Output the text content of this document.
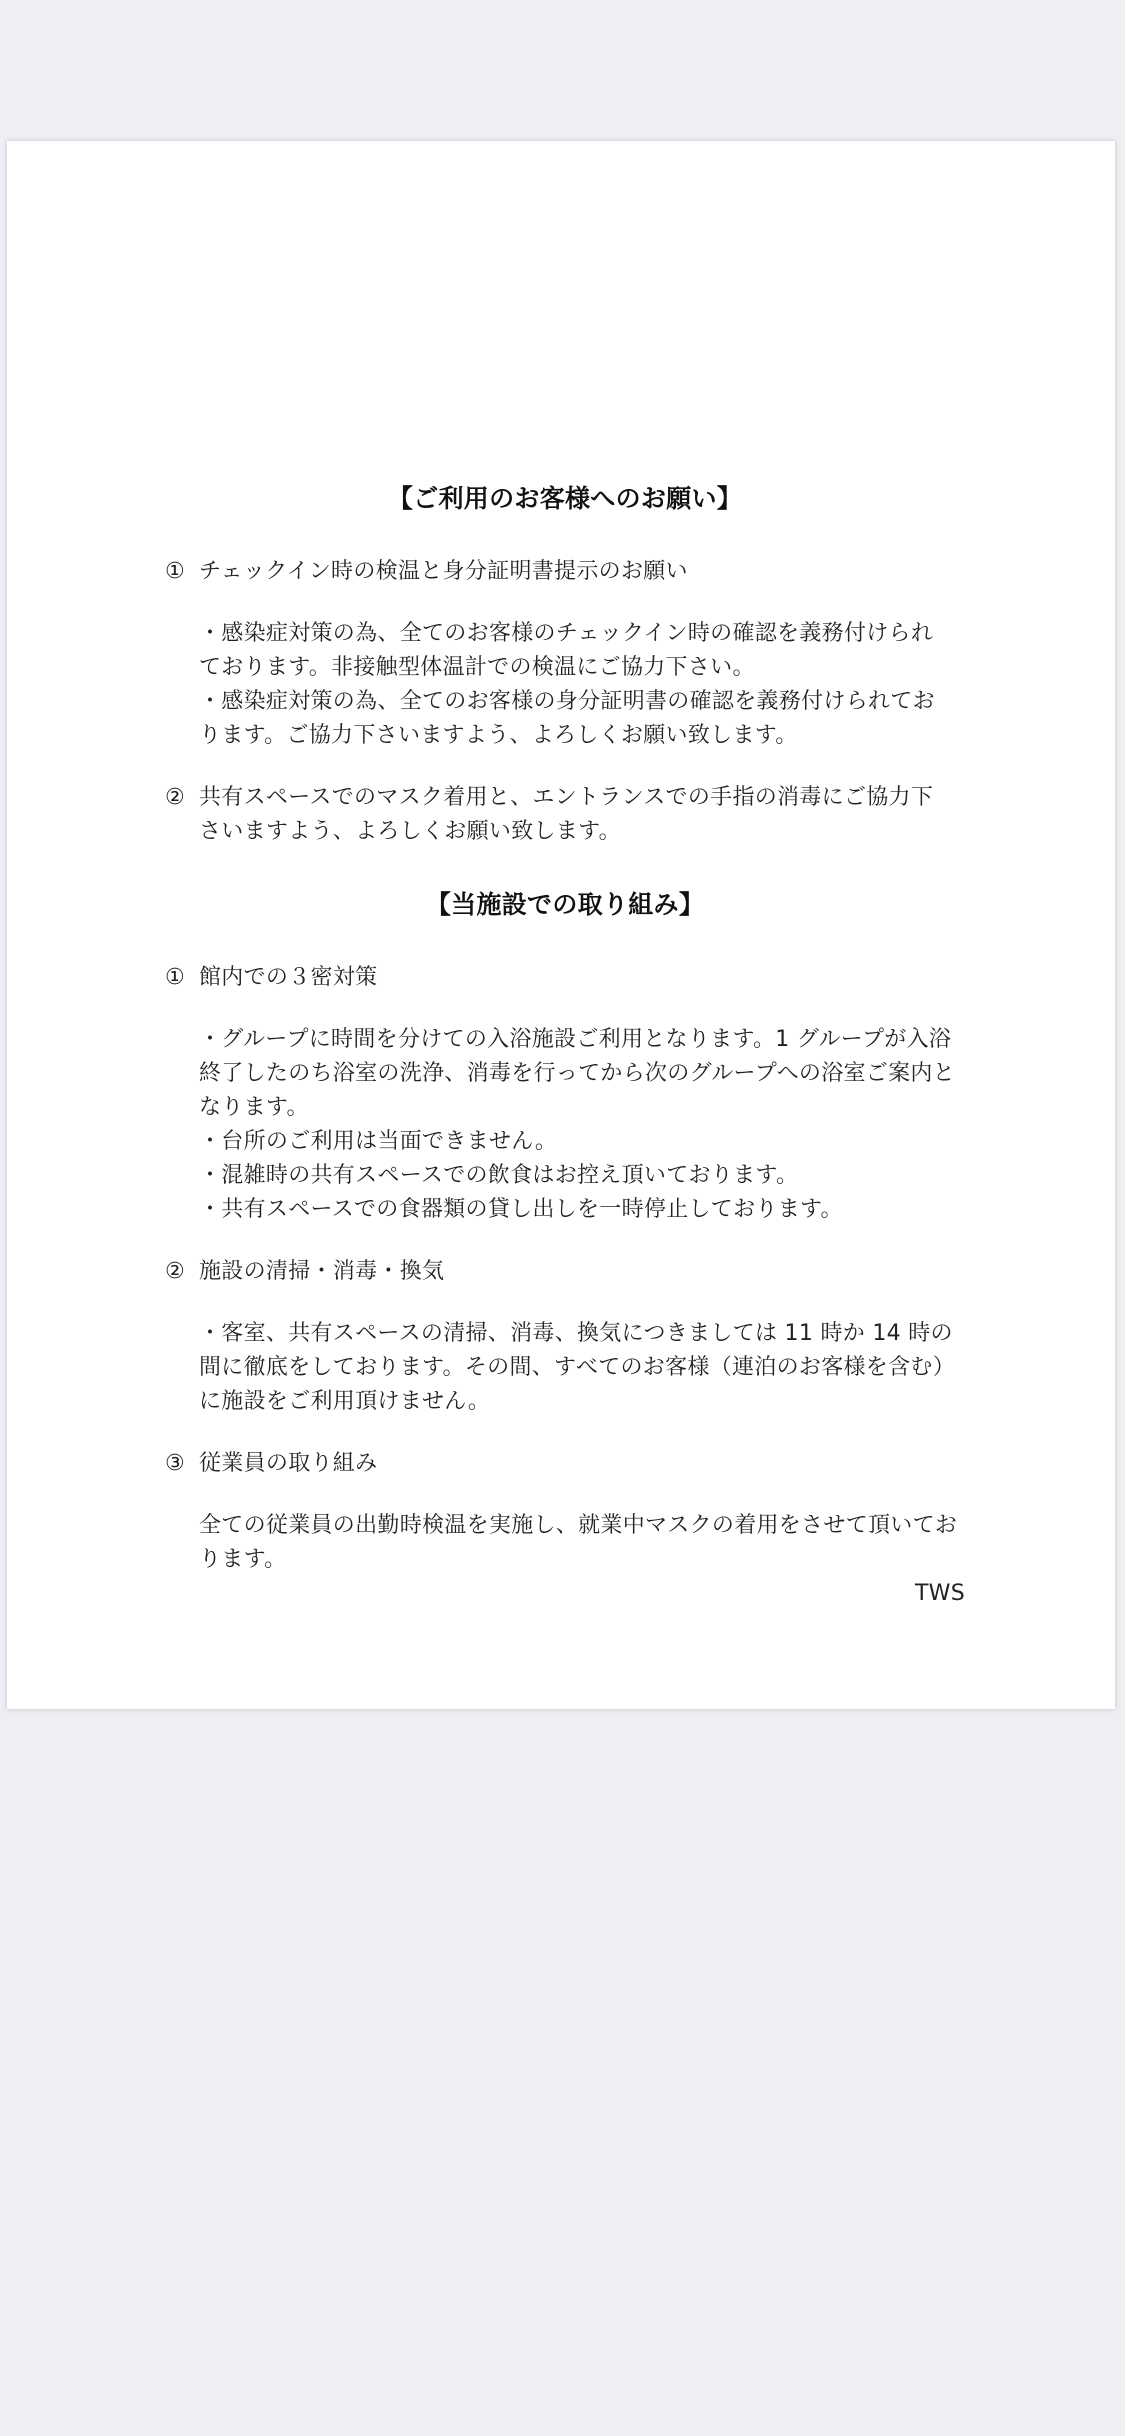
【ご利用のお客様へのお願い】

① チェックイン時の検温と身分証明書提示のお願い
・感染症対策の為、全てのお客様のチェックイン時の確認を義務付けられ
ております。非接触型体温計での検温にご協力下さい。
・感染症対策の為、全てのお客様の身分証明書の確認を義務付けられてお
ります。ご協力下さいますよう、よろしくお願い致します。
② 共有スペースでのマスク着用と、エントランスでの手指の消毒にご協力下
さいますよう、よろしくお願い致します。

【当施設での取り組み】

① 館内での３密対策
・グループに時間を分けての入浴施設ご利用となります。1 グループが入浴
終了したのち浴室の洗浄、消毒を行ってから次のグループへの浴室ご案内と
なります。
・台所のご利用は当面できません。
・混雑時の共有スペースでの飲食はお控え頂いております。
・共有スペースでの食器類の貸し出しを一時停止しております。
② 施設の清掃・消毒・換気
・客室、共有スペースの清掃、消毒、換気につきましては 11 時か 14 時の
間に徹底をしております。その間、すべてのお客様（連泊のお客様を含む）
に施設をご利用頂けません。
③ 従業員の取り組み
全ての従業員の出勤時検温を実施し、就業中マスクの着用をさせて頂いてお
ります。
TWS
